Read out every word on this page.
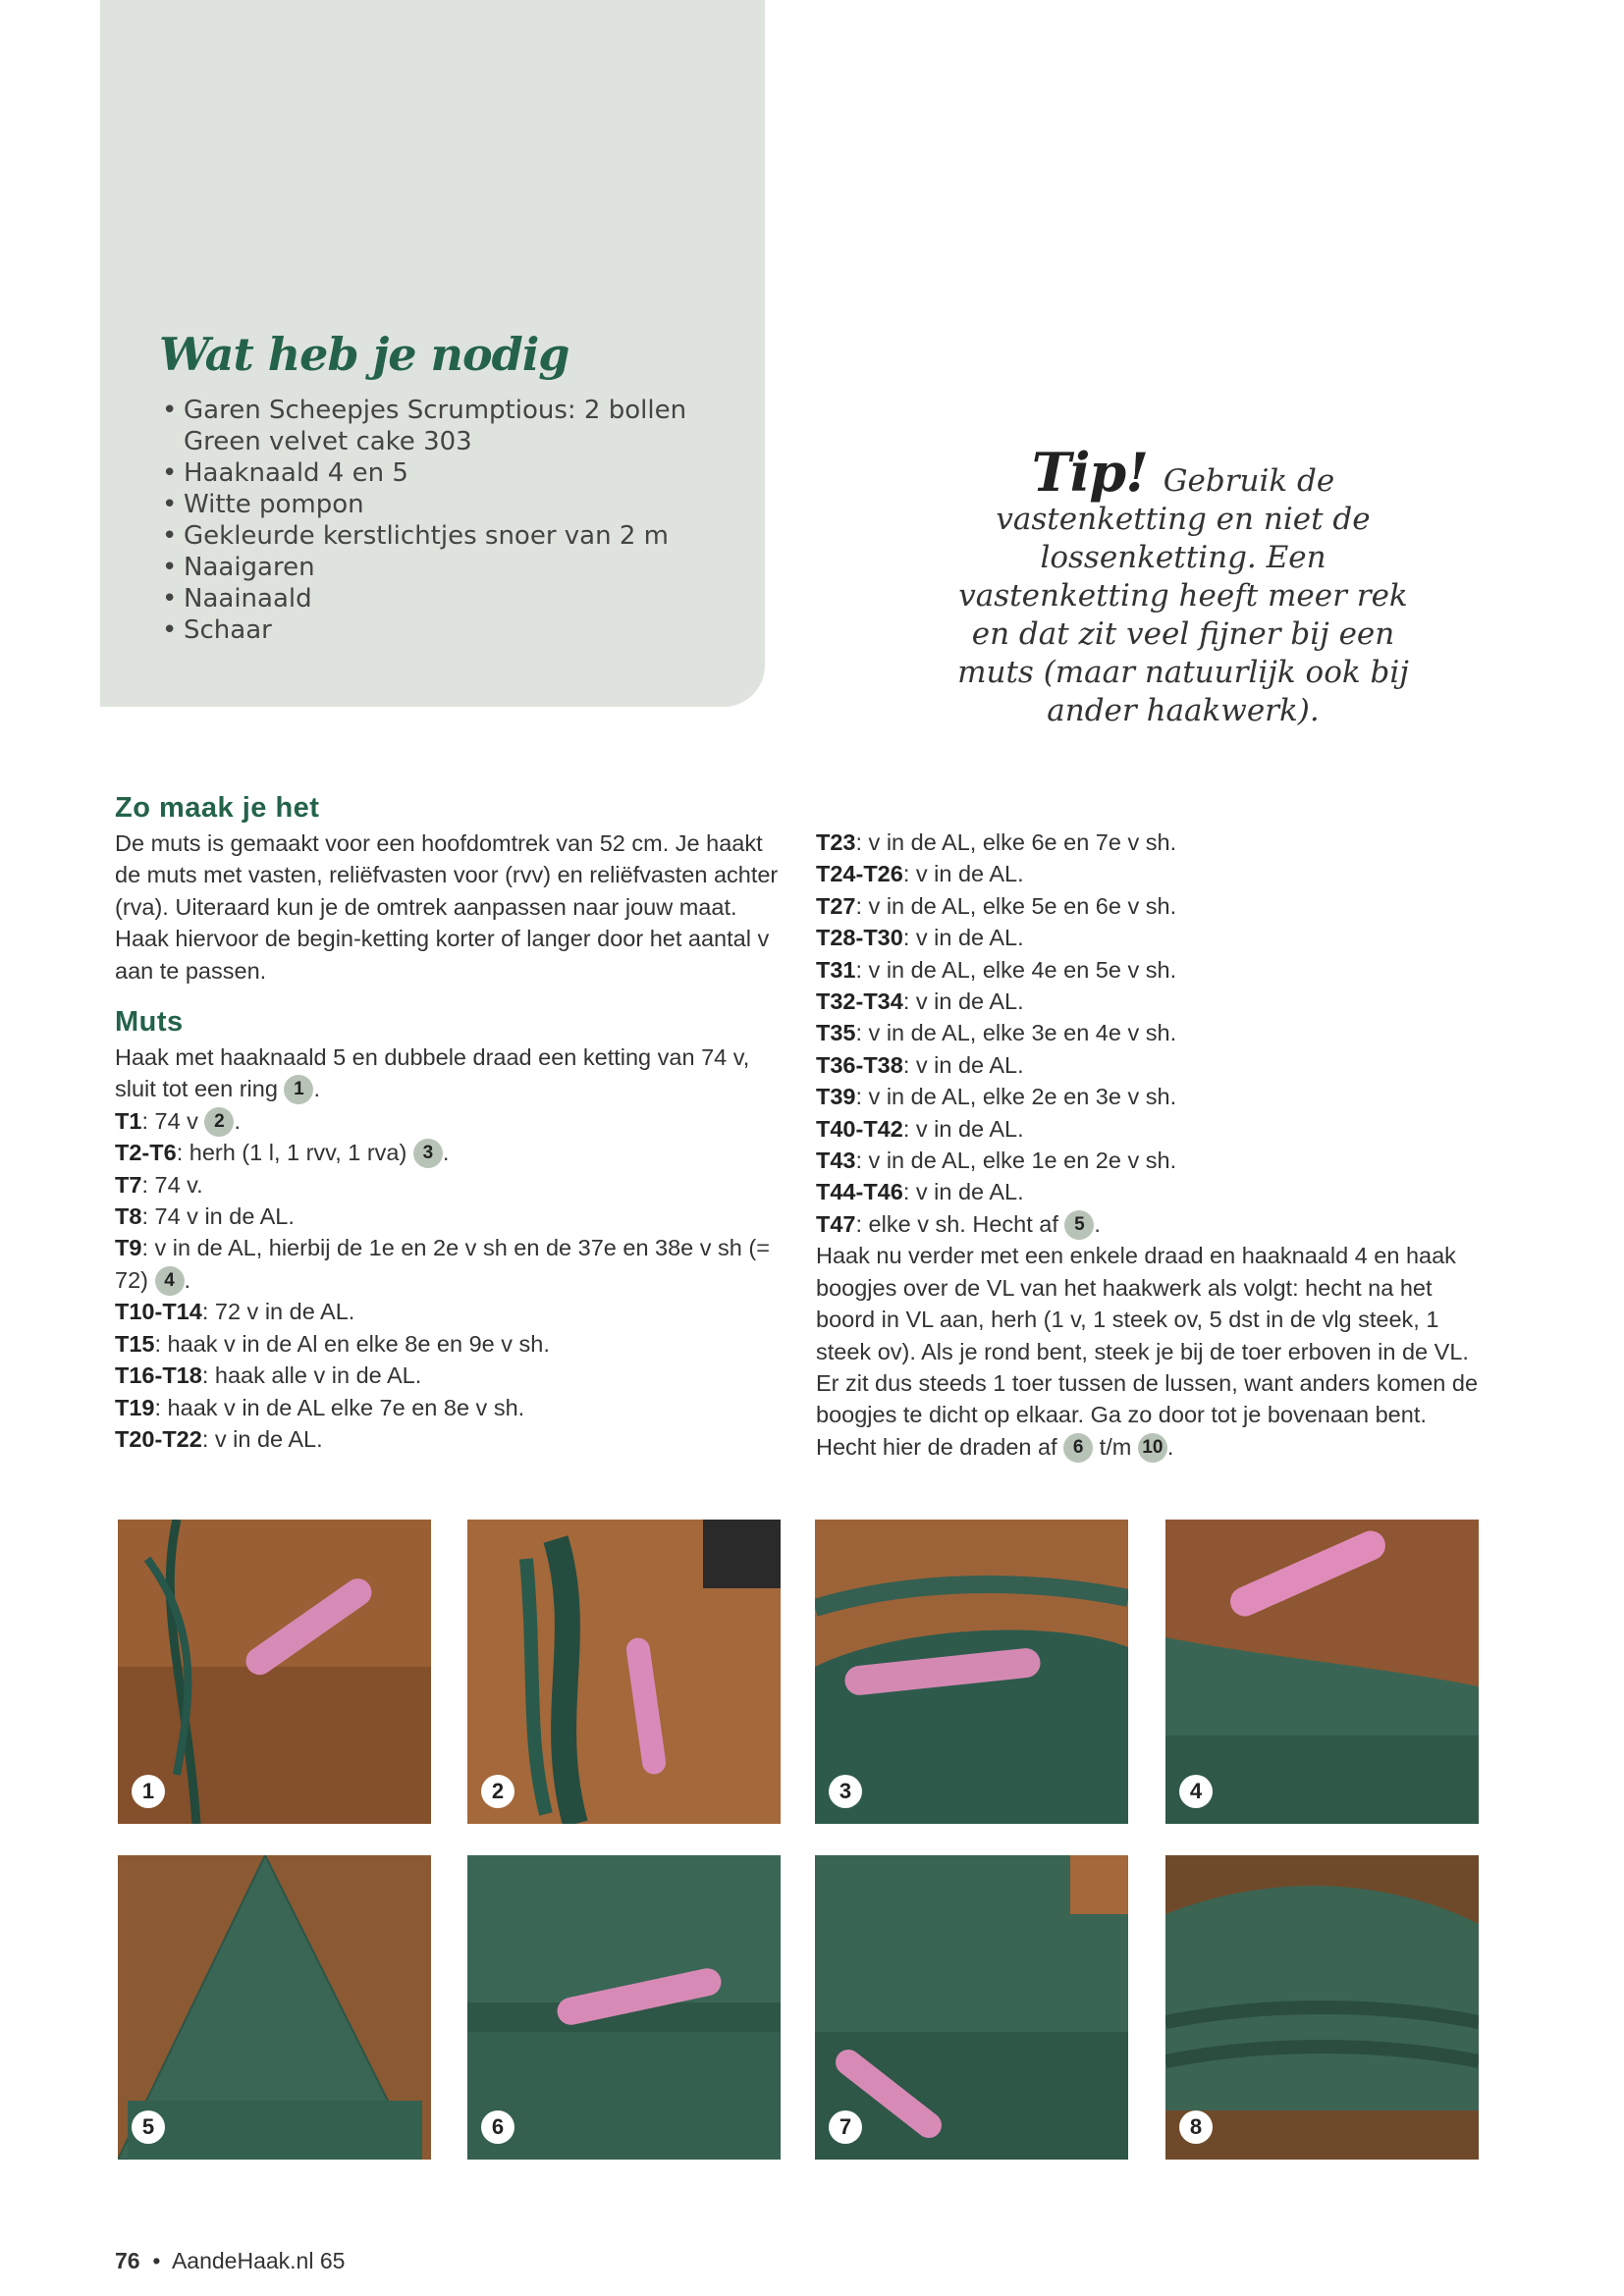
Wat heb je nodig
• Garen Scheepjes Scrumptious: 2 bollen Green velvet cake 303
• Haaknaald 4 en 5
• Witte pompon
• Gekleurde kerstlichtjes snoer van 2 m
• Naaigaren
• Naainaald
• Schaar

Tip! Gebruik de vastenketting en niet de lossenketting. Een vastenketting heeft meer rek en dat zit veel fijner bij een muts (maar natuurlijk ook bij ander haakwerk).

Zo maak je het

De muts is gemaakt voor een hoofdomtrek van 52 cm. Je haakt de muts met vasten, reliëfvasten voor (rvv) en reliëfvasten achter (rva). Uiteraard kun je de omtrek aanpassen naar jouw maat. Haak hiervoor de begin-ketting korter of langer door het aantal v aan te passen.

Muts

Haak met haaknaald 5 en dubbele draad een ketting van 74 v, sluit tot een ring 1 .

T1: 74 v 2 .

T2-T6: herh (1 l, 1 rvv, 1 rva) 3 .

T7: 74 v.

T8: 74 v in de AL.

T9: v in de AL, hierbij de 1e en 2e v sh en de 37e en 38e v sh (= 72) 4 .

T10-T14: 72 v in de AL.

T15: haak v in de Al en elke 8e en 9e v sh.

T16-T18: haak alle v in de AL.

T19: haak v in de AL elke 7e en 8e v sh.

T20-T22: v in de AL.

T23: v in de AL, elke 6e en 7e v sh.

T24-T26: v in de AL.

T27: v in de AL, elke 5e en 6e v sh.

T28-T30: v in de AL.

T31: v in de AL, elke 4e en 5e v sh.

T32-T34: v in de AL.

T35: v in de AL, elke 3e en 4e v sh.

T36-T38: v in de AL.

T39: v in de AL, elke 2e en 3e v sh.

T40-T42: v in de AL.

T43: v in de AL, elke 1e en 2e v sh.

T44-T46: v in de AL.

T47: elke v sh. Hecht af 5 .

Haak nu verder met een enkele draad en haaknaald 4 en haak boogjes over de VL van het haakwerk als volgt: hecht na het boord in VL aan, herh (1 v, 1 steek ov, 5 dst in de vlg steek, 1 steek ov). Als je rond bent, steek je bij de toer erboven in de VL. Er zit dus steeds 1 toer tussen de lussen, want anders komen de boogjes te dicht op elkaar. Ga zo door tot je bovenaan bent. Hecht hier de draden af 6 t/m 10 .

1	2	3	4
5	6	7	8
76 • AandeHaak.nl 65
